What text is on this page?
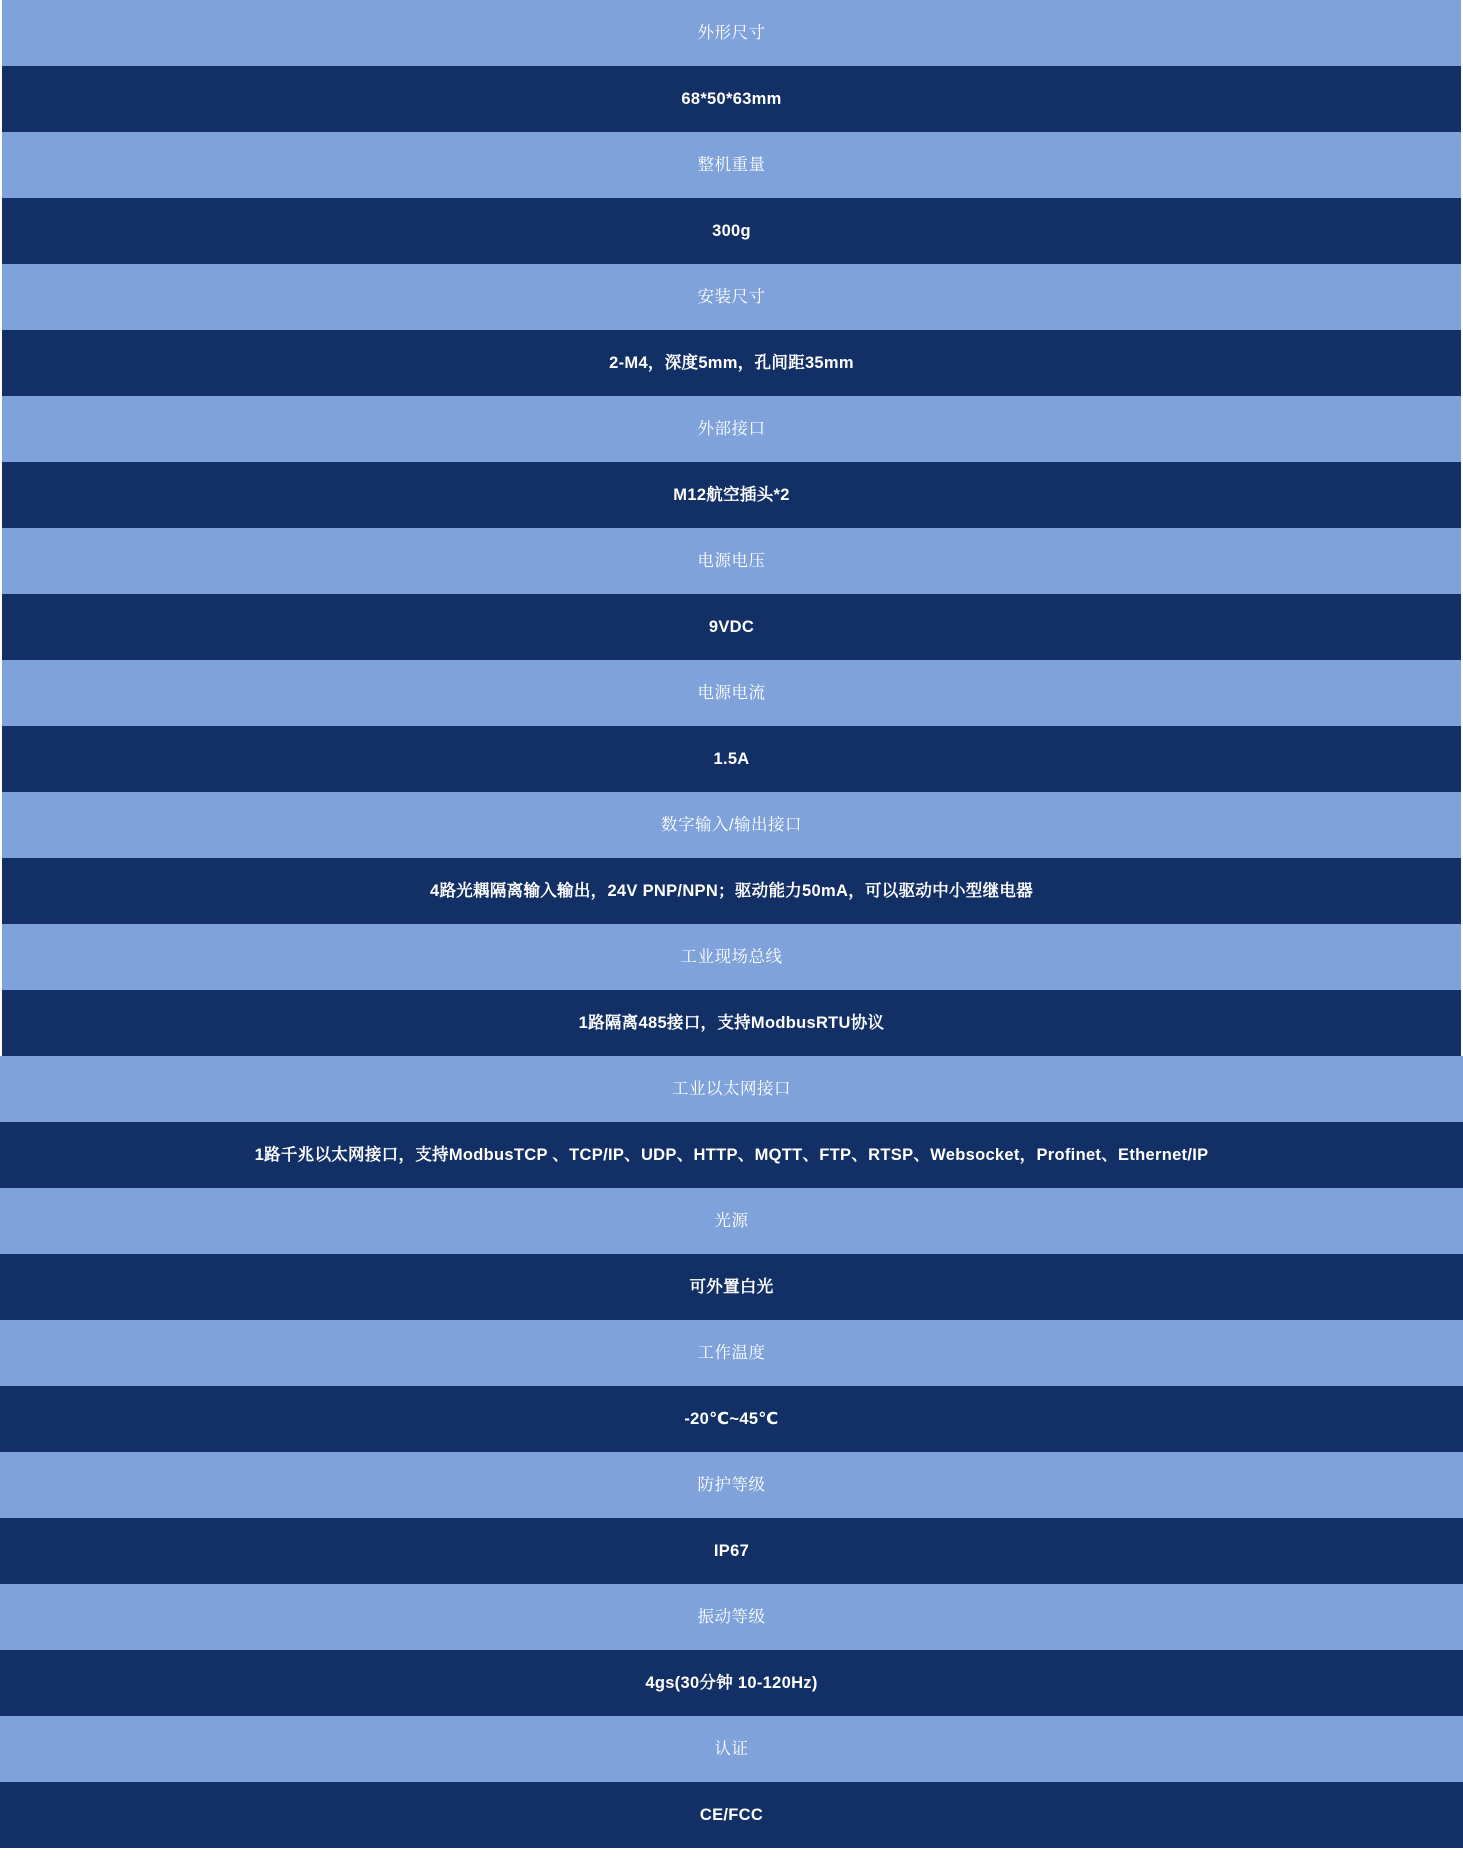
外形尺寸
68*50*63mm
整机重量
300g
安装尺寸
2-M4，深度5mm，孔间距35mm
外部接口
M12航空插头*2
电源电压
9VDC
电源电流
1.5A
数字输入/输出接口
4路光耦隔离输入输出，24V PNP/NPN；驱动能力50mA，可以驱动中小型继电器
工业现场总线
1路隔离485接口，支持ModbusRTU协议
工业以太网接口
1路千兆以太网接口，支持ModbusTCP 、TCP/IP、UDP、HTTP、MQTT、FTP、RTSP、Websocket，Profinet、Ethernet/IP
光源
可外置白光
工作温度
-20℃~45℃
防护等级
IP67
振动等级
4gs(30分钟 10-120Hz)
认证
CE/FCC
